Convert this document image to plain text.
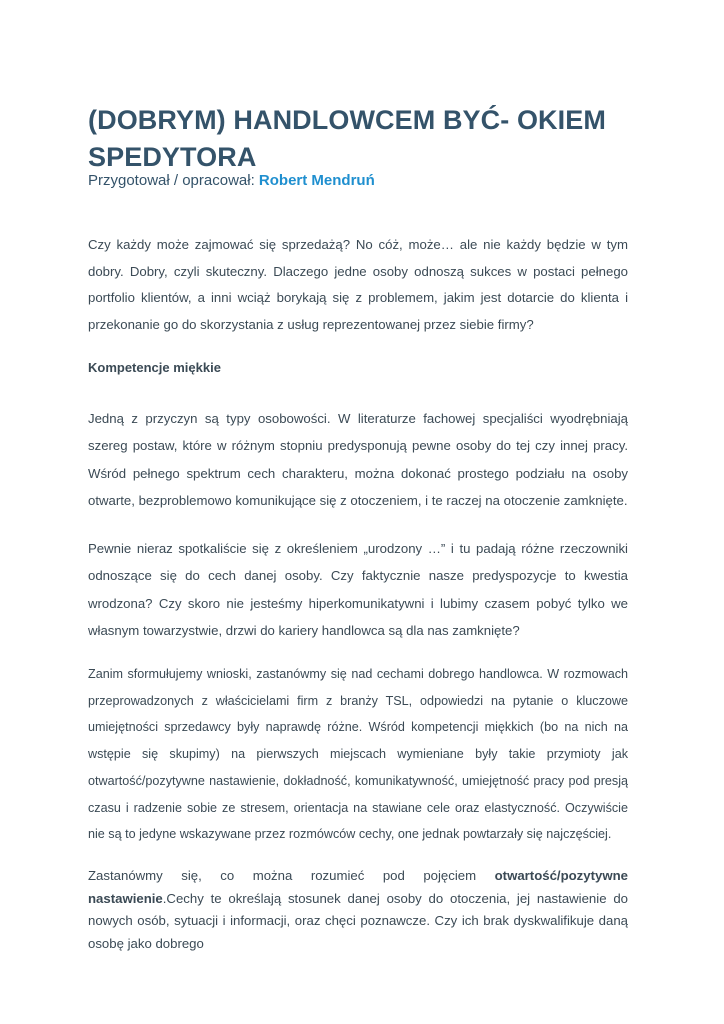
(DOBRYM) HANDLOWCEM BYĆ- OKIEM SPEDYTORA
Przygotował / opracował: Robert Mendruń

Czy każdy może zajmować się sprzedażą? No cóż, może… ale nie każdy będzie w tym dobry. Dobry, czyli skuteczny. Dlaczego jedne osoby odnoszą sukces w postaci pełnego portfolio klientów, a inni wciąż borykają się z problemem, jakim jest dotarcie do klienta i przekonanie go do skorzystania z usług reprezentowanej przez siebie firmy?

Kompetencje miękkie

Jedną z przyczyn są typy osobowości. W literaturze fachowej specjaliści wyodrębniają szereg postaw, które w różnym stopniu predysponują pewne osoby do tej czy innej pracy. Wśród pełnego spektrum cech charakteru, można dokonać prostego podziału na osoby otwarte, bezproblemowo komunikujące się z otoczeniem, i te raczej na otoczenie zamknięte.

Pewnie nieraz spotkaliście się z określeniem „urodzony …” i tu padają różne rzeczowniki odnoszące się do cech danej osoby. Czy faktycznie nasze predyspozycje to kwestia wrodzona? Czy skoro nie jesteśmy hiperkomunikatywni i lubimy czasem pobyć tylko we własnym towarzystwie, drzwi do kariery handlowca są dla nas zamknięte?

Zanim sformułujemy wnioski, zastanówmy się nad cechami dobrego handlowca. W rozmowach przeprowadzonych z właścicielami firm z branży TSL, odpowiedzi na pytanie o kluczowe umiejętności sprzedawcy były naprawdę różne. Wśród kompetencji miękkich (bo na nich na wstępie się skupimy) na pierwszych miejscach wymieniane były takie przymioty jak otwartość/pozytywne nastawienie, dokładność, komunikatywność, umiejętność pracy pod presją czasu i radzenie sobie ze stresem, orientacja na stawiane cele oraz elastyczność. Oczywiście nie są to jedyne wskazywane przez rozmówców cechy, one jednak powtarzały się najczęściej.

Zastanówmy się, co można rozumieć pod pojęciem otwartość/pozytywne nastawienie.Cechy te określają stosunek danej osoby do otoczenia, jej nastawienie do nowych osób, sytuacji i informacji, oraz chęci poznawcze. Czy ich brak dyskwalifikuje daną osobę jako dobrego
